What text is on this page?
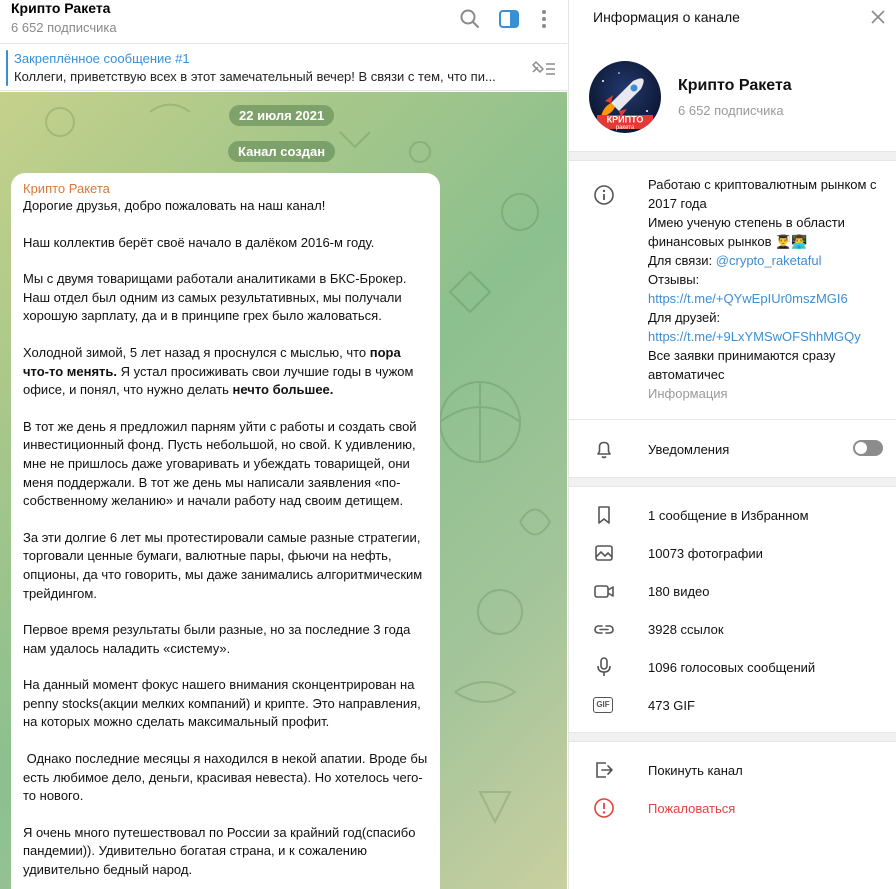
Крипто Ракета
6 652 подписчика
Закреплённое сообщение #1
Коллеги, приветствую всех в этот замечательный вечер! В связи с тем, что пи...
22 июля 2021
Канал создан
Крипто Ракета
Дорогие друзья, добро пожаловать на наш канал!
Наш коллектив берёт своё начало в далёком 2016-м году.
Мы с двумя товарищами работали аналитиками в БКС-Брокер. Наш отдел был одним из самых результативных, мы получали хорошую зарплату, да и в принципе грех было жаловаться.
Холодной зимой, 5 лет назад я проснулся с мыслью, что пора что-то менять. Я устал просиживать свои лучшие годы в чужом офисе, и понял, что нужно делать нечто большее.
В тот же день я предложил парням уйти с работы и создать свой инвестиционный фонд. Пусть небольшой, но свой. К удивлению, мне не пришлось даже уговаривать и убеждать товарищей, они меня поддержали. В тот же день мы написали заявления «по-собственному желанию» и начали работу над своим детищем.
За эти долгие 6 лет мы протестировали самые разные стратегии, торговали ценные бумаги, валютные пары, фьючи на нефть, опционы, да что говорить, мы даже занимались алгоритмическим трейдингом.
Первое время результаты были разные, но за последние 3 года нам удалось наладить «систему».
На данный момент фокус нашего внимания сконцентрирован на penny stocks(акции мелких компаний) и крипте. Это направления, на которых можно сделать максимальный профит.
Однако последние месяцы я находился в некой апатии. Вроде бы есть любимое дело, деньги, красивая невеста). Но хотелось чего-то нового.
Я очень много путешествовал по России за крайний год(спасибо пандемии)). Удивительно богатая страна, и к сожалению удивительно бедный народ.
Информация о канале
КРИПТО
ракета
Крипто Ракета
6 652 подписчика
Работаю с криптовалютным рынком с 2017 года
Имею ученую степень в области финансовых рынков 👨‍🎓👨‍💻
Для связи: @crypto_raketaful
Отзывы:
https://t.me/+QYwEpIUr0mszMGI6
Для друзей:
https://t.me/+9LxYMSwOFShhMGQy
Все заявки принимаются сразу автоматичес
Информация
Уведомления
1 сообщение в Избранном
10073 фотографии
180 видео
3928 ссылок
1096 голосовых сообщений
GIF	473 GIF
Покинуть канал
Пожаловаться
